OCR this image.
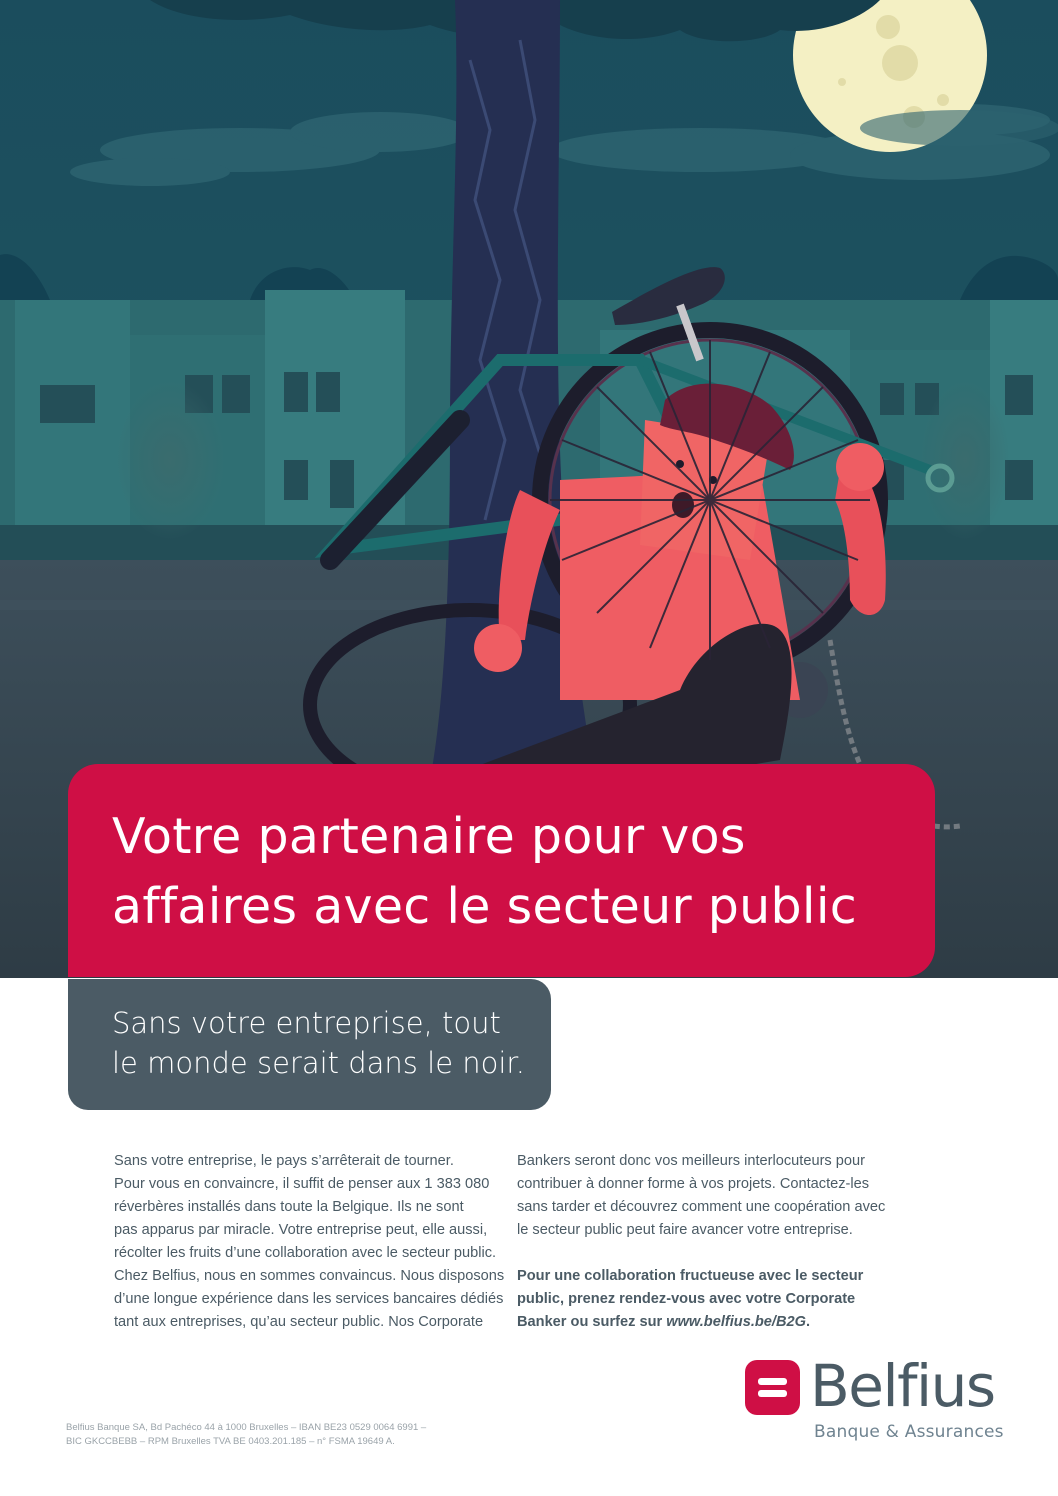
Votre partenaire pour vos
affaires avec le secteur public

Sans votre entreprise, tout
le monde serait dans le noir.

Sans votre entreprise, le pays s’arrêterait de tourner.
Pour vous en convaincre, il suffit de penser aux 1 383 080
réverbères installés dans toute la Belgique. Ils ne sont
pas apparus par miracle. Votre entreprise peut, elle aussi,
récolter les fruits d’une collaboration avec le secteur public.
Chez Belfius, nous en sommes convaincus. Nous disposons
d’une longue expérience dans les services bancaires dédiés
tant aux entreprises, qu’au secteur public. Nos Corporate
Bankers seront donc vos meilleurs interlocuteurs pour
contribuer à donner forme à vos projets. Contactez-les
sans tarder et découvrez comment une coopération avec
le secteur public peut faire avancer votre entreprise.
Pour une collaboration fructueuse avec le secteur
public, prenez rendez-vous avec votre Corporate
Banker ou surfez sur www.belfius.be/B2G.
Belfius Banque SA, Bd Pachéco 44 à 1000 Bruxelles – IBAN BE23 0529 0064 6991 –
BIC GKCCBEBB – RPM Bruxelles TVA BE 0403.201.185 – n° FSMA 19649 A.
Belfius
Banque & Assurances
